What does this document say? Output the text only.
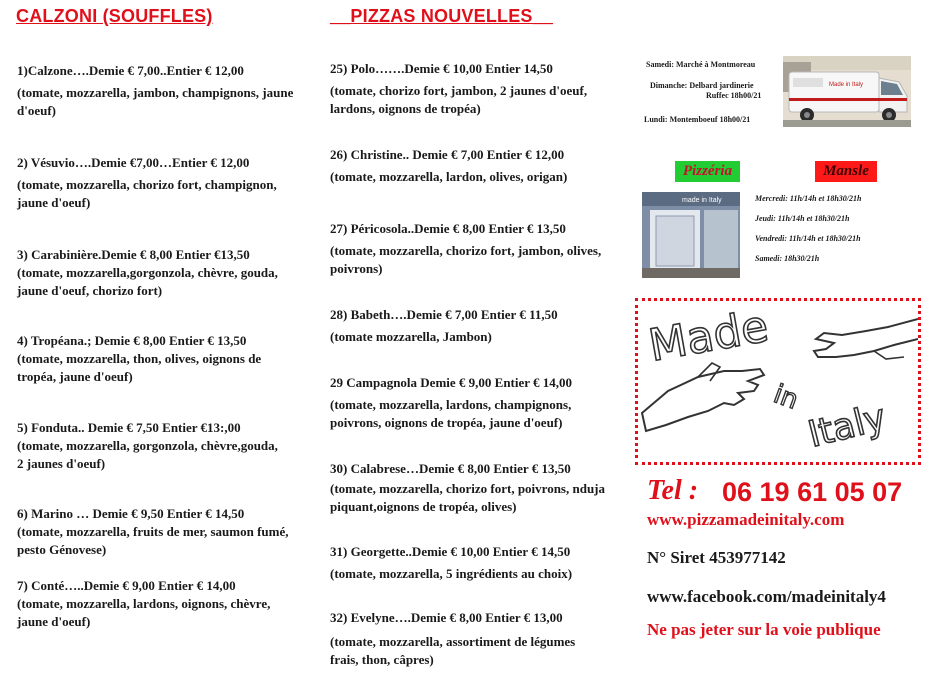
CALZONI (SOUFFLES)
1)Calzone….Demie € 7,00..Entier € 12,00
(tomate, mozzarella, jambon, champignons, jaune d'oeuf)
2) Vésuvio….Demie €7,00…Entier € 12,00
(tomate, mozzarella, chorizo fort, champignon, jaune d'oeuf)
3) Carabinière.Demie € 8,00 Entier €13,50
(tomate, mozzarella,gorgonzola, chèvre, gouda, jaune d'oeuf, chorizo fort)
4) Tropéana.; Demie € 8,00 Entier € 13,50
(tomate, mozzarella, thon, olives, oignons de tropéa, jaune d'oeuf)
5) Fonduta.. Demie € 7,50 Entier €13:,00
(tomate, mozzarella, gorgonzola, chèvre,gouda, 2 jaunes d'oeuf)
6) Marino … Demie € 9,50 Entier € 14,50
(tomate, mozzarella, fruits de mer, saumon fumé, pesto Génovese)
7) Conté…..Demie € 9,00 Entier € 14,00
(tomate, mozzarella, lardons, oignons, chèvre, jaune d'oeuf)
__PIZZAS NOUVELLES__
25) Polo…….Demie € 10,00 Entier 14,50
(tomate, chorizo fort, jambon, 2 jaunes d'oeuf, lardons, oignons de tropéa)
26) Christine.. Demie € 7,00 Entier € 12,00
(tomate, mozzarella, lardon, olives, origan)
27) Péricosola..Demie € 8,00 Entier € 13,50
(tomate, mozzarella, chorizo fort, jambon, olives, poivrons)
28) Babeth….Demie € 7,00 Entier € 11,50
(tomate mozzarella, Jambon)
29 Campagnola Demie € 9,00 Entier € 14,00
(tomate, mozzarella, lardons, champignons, poivrons, oignons de tropéa, jaune d'oeuf)
30) Calabrese…Demie € 8,00 Entier € 13,50
(tomate, mozzarella, chorizo fort, poivrons, nduja piquant,oignons de tropéa, olives)
31) Georgette..Demie € 10,00 Entier € 14,50
(tomate, mozzarella, 5 ingrédients au choix)
32) Evelyne….Demie € 8,00 Entier € 13,00
(tomate, mozzarella, assortiment de légumes frais, thon, câpres)
Samedi: Marché à Montmoreau
Dimanche: Delbard jardinerie
Ruffec 18h00/21
Lundi: Montemboeuf 18h00/21
Made in Italy
Pizzéria	Mansle
made in Italy	Mercredi: 11h/14h et 18h30/21h
Jeudi: 11h/14h et 18h30/21h
Vendredi: 11h/14h et 18h30/21h
Samedi: 18h30/21h
Made
in Italy
Tel : 06 19 61 05 07
www.pizzamadeinitaly.com
N° Siret 453977142
www.facebook.com/madeinitaly4
Ne pas jeter sur la voie publique
